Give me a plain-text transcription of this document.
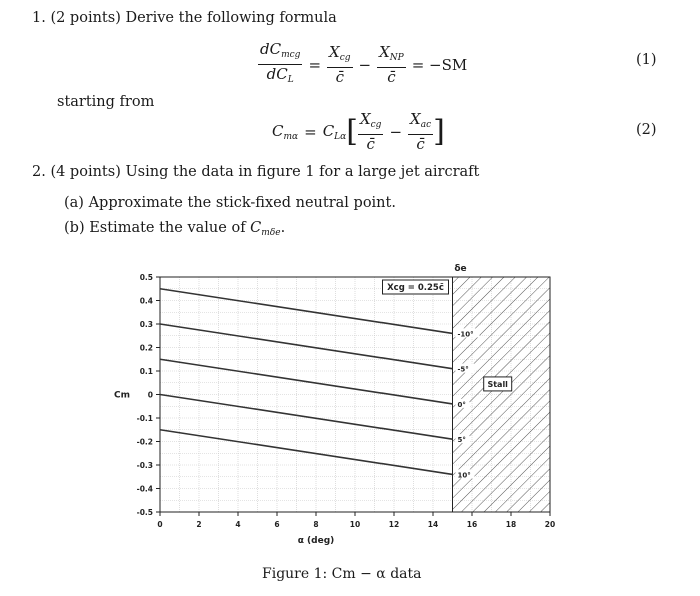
1. (2 points) Derive the following formula
$\frac{dC_{mcg}}{dC_L} = \frac{X_{cg}}{c̄} - \frac{X_{NP}}{c̄} = -SM$	(1)
starting from
$C_{m\alpha} = C_{L\alpha}[ \frac{X_{cg}}{c̄} - \frac{X_{ac}}{c̄}$ ]	(2)
2. (4 points) Using the data in figure 1 for a large jet aircraft
(a) Approximate the stick-fixed neutral point.
(b) Estimate the value of $C_{m\delta e}$.
0.5
0.4
0.3
0.2
0.1
0
-0.1
-0.2
-0.3
-0.4
-0.5
0	2	4	6	8	10	12	14	16	18	20
-10°
-5°
0°
5°
10°
Cm
α (deg)
δe
Xcg = 0.25c̄
Stall
Figure 1: Cm − α data
